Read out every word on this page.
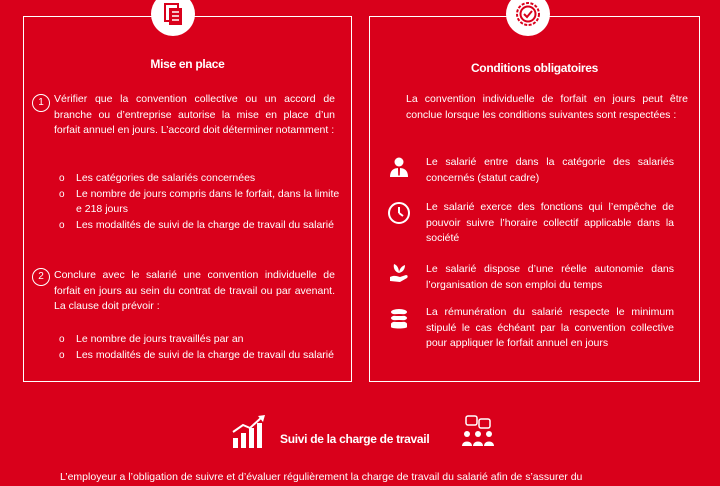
Mise en place
1 Vérifier que la convention collective ou un accord de branche ou d’entreprise autorise la mise en place d’un forfait annuel en jours. L’accord doit déterminer notamment :
o Les catégories de salariés concernées
o Le nombre de jours compris dans le forfait, dans la limite e 218 jours
o Les modalités de suivi de la charge de travail du salarié
2 Conclure avec le salarié une convention individuelle de forfait en jours au sein du contrat de travail ou par avenant. La clause doit prévoir :
o Le nombre de jours travaillés par an
o Les modalités de suivi de la charge de travail du salarié
Conditions obligatoires
La convention individuelle de forfait en jours peut être conclue lorsque les conditions suivantes sont respectées :
Le salarié entre dans la catégorie des salariés concernés (statut cadre)
Le salarié exerce des fonctions qui l’empêche de pouvoir suivre l’horaire collectif applicable dans la société
Le salarié dispose d’une réelle autonomie dans l’organisation de son emploi du temps
La rémunération du salarié respecte le minimum stipulé le cas échéant par la convention collective pour appliquer le forfait annuel en jours
Suivi de la charge de travail
L’employeur a l’obligation de suivre et d’évaluer régulièrement la charge de travail du salarié afin de s’assurer du
